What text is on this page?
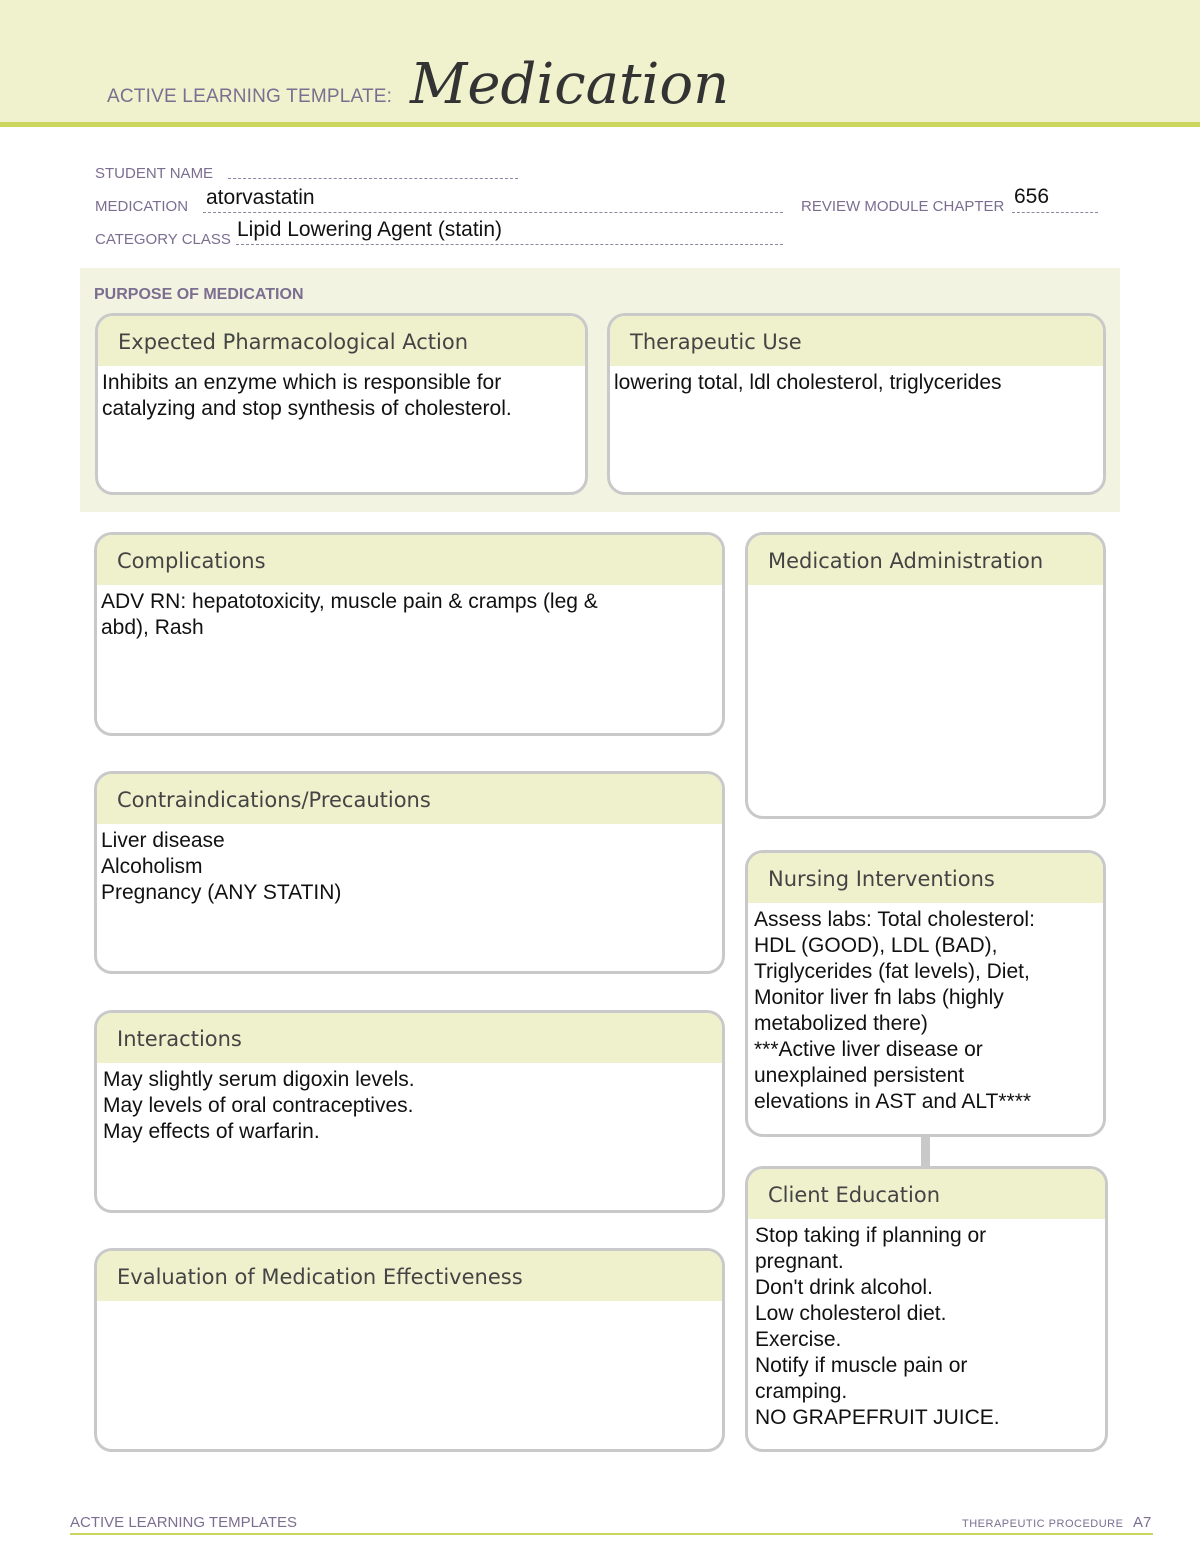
ACTIVE LEARNING TEMPLATE: Medication
STUDENT NAME
MEDICATION atorvastatin	REVIEW MODULE CHAPTER 656
CATEGORY CLASS Lipid Lowering Agent (statin)
PURPOSE OF MEDICATION
Expected Pharmacological Action
Inhibits an enzyme which is responsible for
catalyzing and stop synthesis of cholesterol.
Therapeutic Use
lowering total, ldl cholesterol, triglycerides
Complications
ADV RN: hepatotoxicity, muscle pain & cramps (leg &
abd), Rash
Medication Administration
Contraindications/Precautions
Liver disease
Alcoholism
Pregnancy (ANY STATIN)
Nursing Interventions
Assess labs: Total cholesterol:
HDL (GOOD), LDL (BAD),
Triglycerides (fat levels), Diet,
Monitor liver fn labs (highly
metabolized there)
***Active liver disease or
unexplained persistent
elevations in AST and ALT****
Interactions
May slightly serum digoxin levels.
May levels of oral contraceptives.
May effects of warfarin.
Client Education
Stop taking if planning or
pregnant.
Don't drink alcohol.
Low cholesterol diet.
Exercise.
Notify if muscle pain or
cramping.
NO GRAPEFRUIT JUICE.
Evaluation of Medication Effectiveness
ACTIVE LEARNING TEMPLATES	THERAPEUTIC PROCEDURE A7
